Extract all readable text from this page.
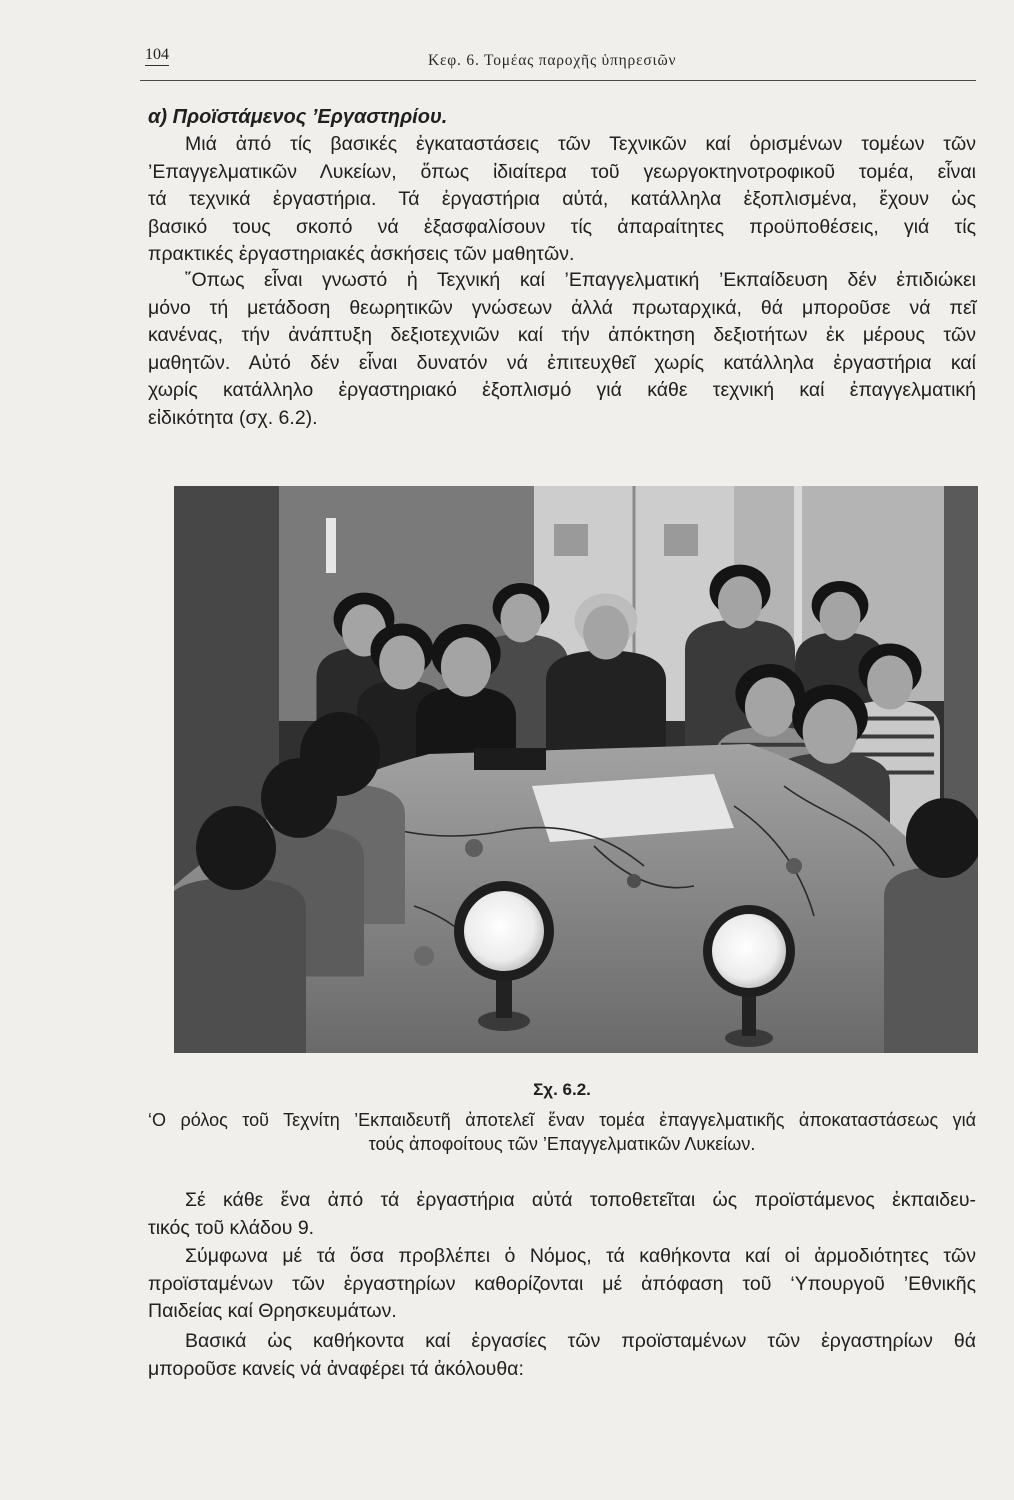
104	Κεφ. 6. Τομέας παροχῆς ὑπηρεσιῶν
α) Προϊστάμενος ’Εργαστηρίου.
Μιά ἀπό τίς βασικές ἐγκαταστάσεις τῶν Τεχνικῶν καί ὁρισμένων τομέων τῶν
’Επαγγελματικῶν Λυκείων, ὅπως ἰδιαίτερα τοῦ γεωργοκτηνοτροφικοῦ τομέα, εἶναι
τά τεχνικά ἐργαστήρια. Τά ἐργαστήρια αὐτά, κατάλληλα ἐξοπλισμένα, ἔχουν ὡς
βασικό τους σκοπό νά ἐξασφαλίσουν τίς ἀπαραίτητες προϋποθέσεις, γιά τίς
πρακτικές ἐργαστηριακές ἀσκήσεις τῶν μαθητῶν.
῞Οπως εἶναι γνωστό ἡ Τεχνική καί ’Επαγγελματική ’Εκπαίδευση δέν ἐπιδιώκει
μόνο τή μετάδοση θεωρητικῶν γνώσεων ἀλλά πρωταρχικά, θά μποροῦσε νά πεῖ
κανένας, τήν ἀνάπτυξη δεξιοτεχνιῶν καί τήν ἀπόκτηση δεξιοτήτων ἐκ μέρους τῶν
μαθητῶν. Αὐτό δέν εἶναι δυνατόν νά ἐπιτευχθεῖ χωρίς κατάλληλα ἐργαστήρια καί
χωρίς κατάλληλο ἐργαστηριακό ἐξοπλισμό γιά κάθε τεχνική καί ἐπαγγελματική
εἰδικότητα (σχ. 6.2).
Σχ. 6.2.
‘Ο ρόλος τοῦ Τεχνίτη ’Εκπαιδευτῆ ἀποτελεῖ ἕναν τομέα ἐπαγγελματικῆς ἀποκαταστάσεως γιά
τούς ἀποφοίτους τῶν ’Επαγγελματικῶν Λυκείων.
Σέ κάθε ἕνα ἀπό τά ἐργαστήρια αὐτά τοποθετεῖται ὡς προϊστάμενος ἐκπαιδευ-
τικός τοῦ κλάδου 9.
Σύμφωνα μέ τά ὅσα προβλέπει ὁ Νόμος, τά καθήκοντα καί οἱ ἁρμοδιότητες τῶν
προϊσταμένων τῶν ἐργαστηρίων καθορίζονται μέ ἀπόφαση τοῦ ‘Υπουργοῦ ’Εθνικῆς
Παιδείας καί Θρησκευμάτων.
Βασικά ὡς καθήκοντα καί ἐργασίες τῶν προϊσταμένων τῶν ἐργαστηρίων θά
μποροῦσε κανείς νά ἀναφέρει τά ἀκόλουθα:
